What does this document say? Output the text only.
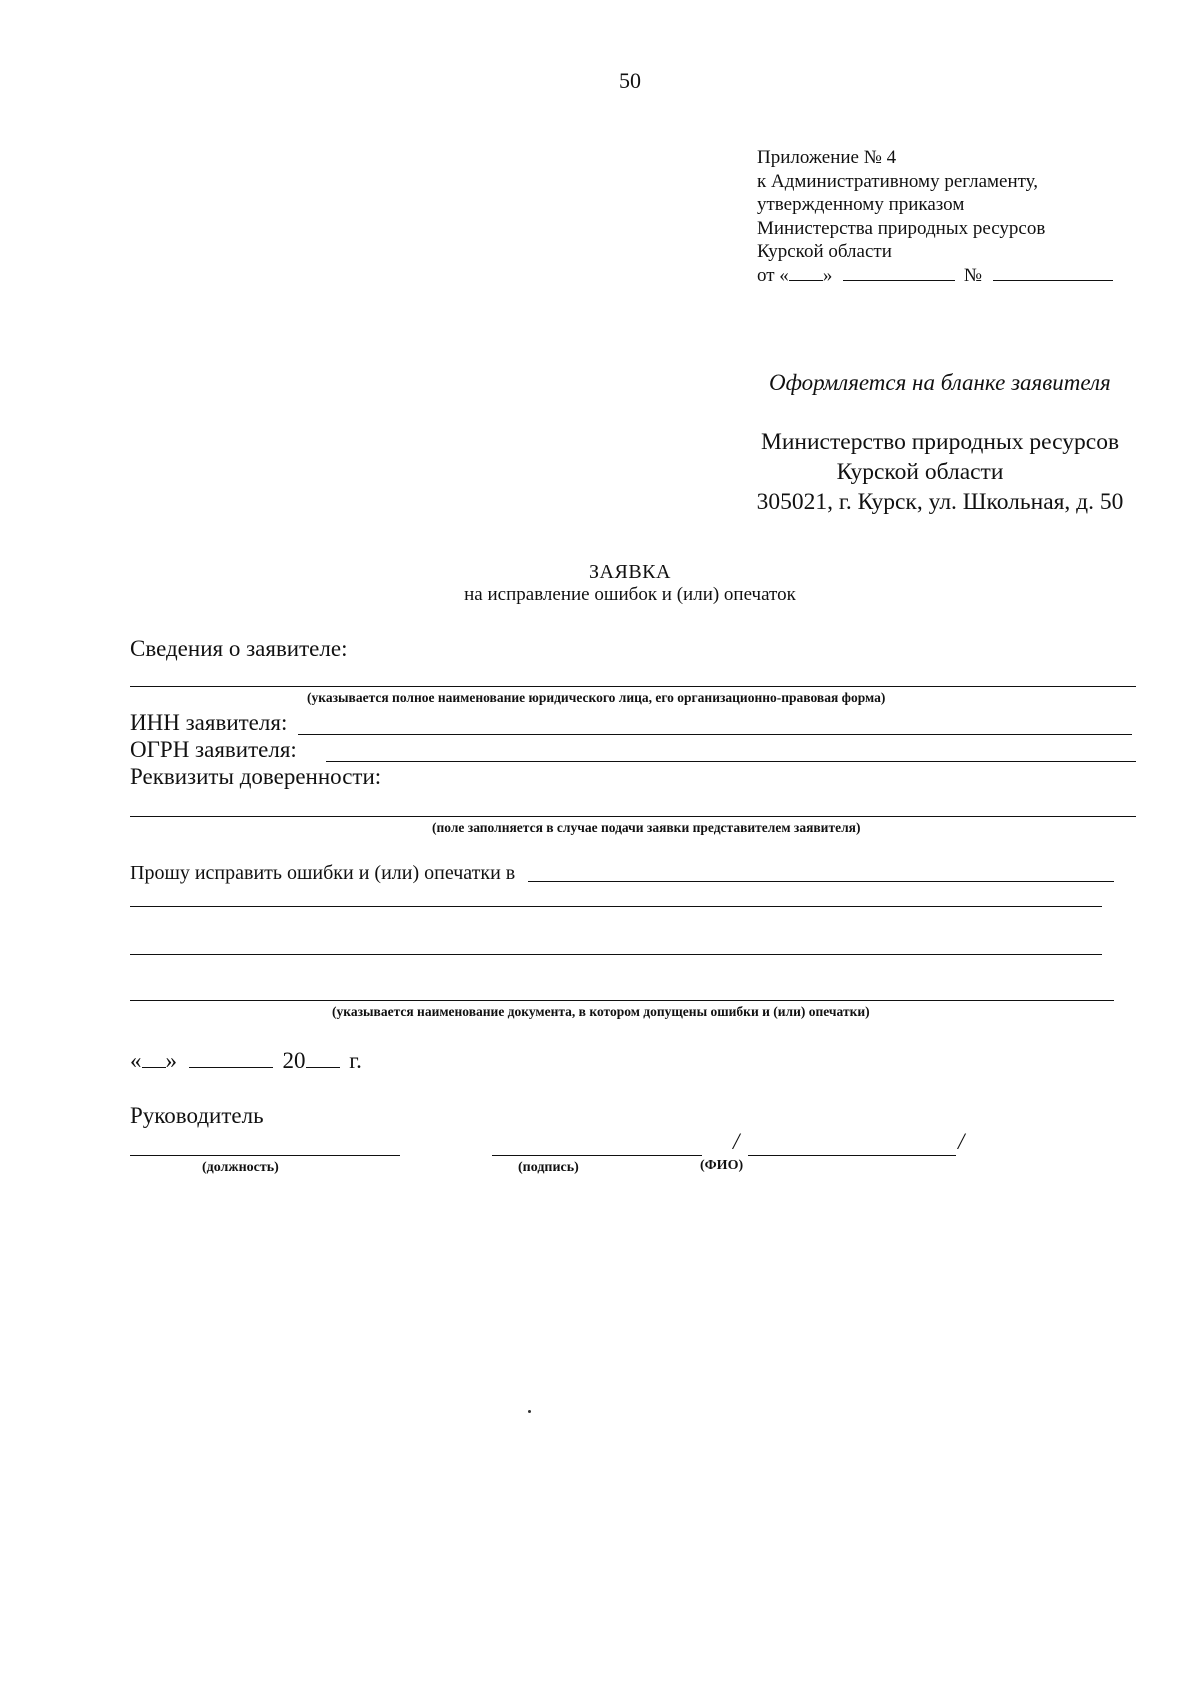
50
Приложение № 4
к Административному регламенту,
утвержденному приказом
Министерства природных ресурсов
Курской области
от « »	№
Оформляется на бланке заявителя
Министерство природных ресурсов
Курской области
305021, г. Курск, ул. Школьная, д. 50
ЗАЯВКА
на исправление ошибок и (или) опечаток
Сведения о заявителе:
(указывается полное наименование юридического лица, его организационно-правовая форма)
ИНН заявителя:
ОГРН заявителя:
Реквизиты доверенности:
(поле заполняется в случае подачи заявки представителем заявителя)
Прошу исправить ошибки и (или) опечатки в
(указывается наименование документа, в котором допущены ошибки и (или) опечатки)
« »	20 г.
Руководитель
(должность)	(подпись)
/	/
(ФИО)
